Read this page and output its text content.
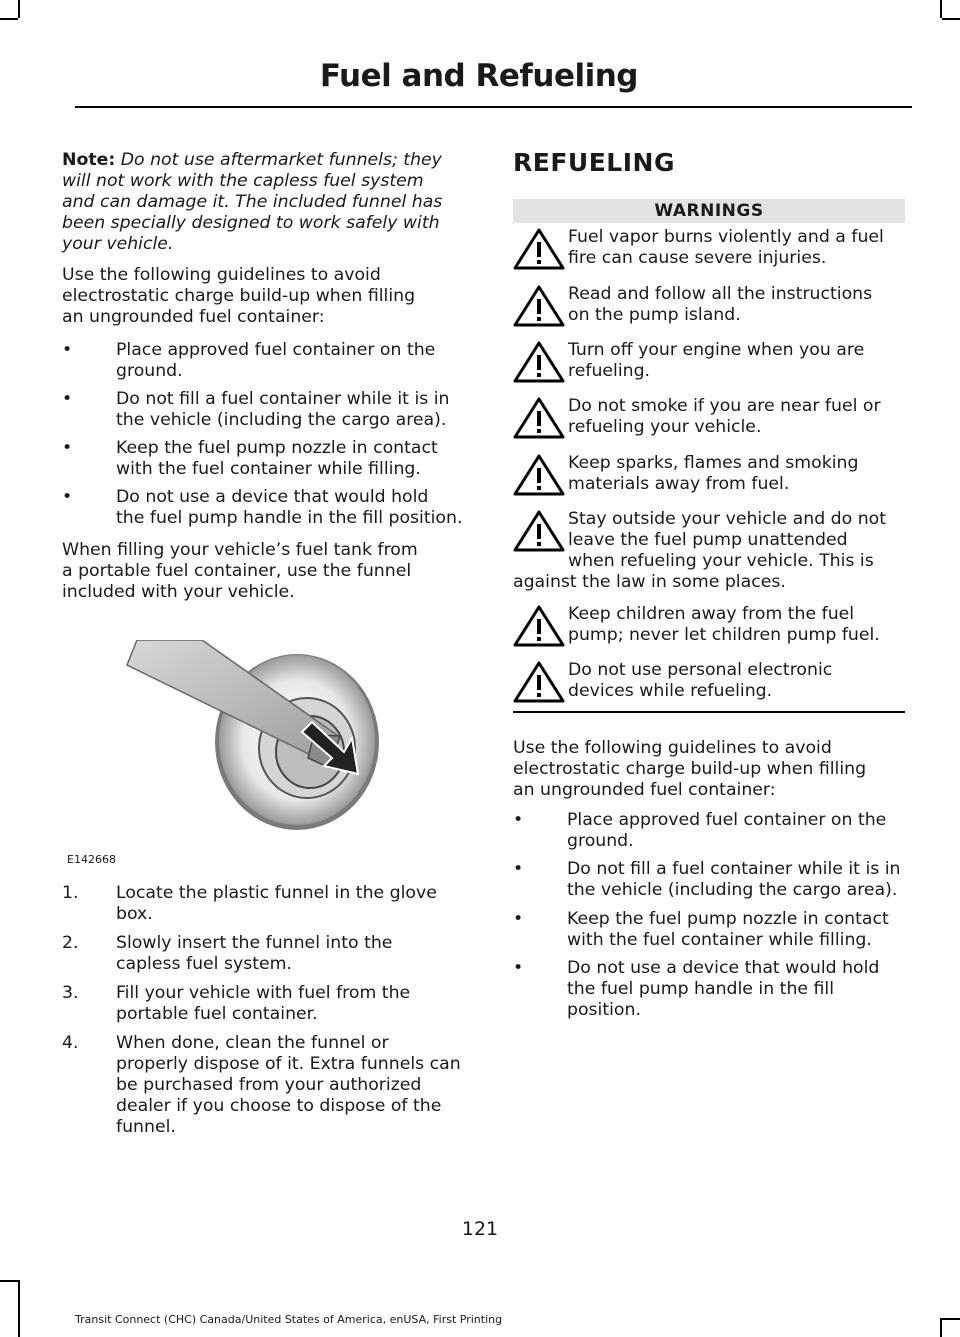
Fuel and Refueling
Note: Do not use aftermarket funnels; they
will not work with the capless fuel system
and can damage it. The included funnel has
been specially designed to work safely with
your vehicle.
Use the following guidelines to avoid
electrostatic charge build-up when filling
an ungrounded fuel container:
•	Place approved fuel container on the
ground.
•	Do not fill a fuel container while it is in
the vehicle (including the cargo area).
•	Keep the fuel pump nozzle in contact
with the fuel container while filling.
•	Do not use a device that would hold
the fuel pump handle in the fill position.
When filling your vehicle’s fuel tank from
a portable fuel container, use the funnel
included with your vehicle.
E142668
1. Locate the plastic funnel in the glove
box.
2. Slowly insert the funnel into the
capless fuel system.
3. Fill your vehicle with fuel from the
portable fuel container.
4. When done, clean the funnel or
properly dispose of it. Extra funnels can
be purchased from your authorized
dealer if you choose to dispose of the
funnel.
REFUELING
WARNINGS
Fuel vapor burns violently and a fuel
fire can cause severe injuries.
Read and follow all the instructions
on the pump island.
Turn off your engine when you are
refueling.
Do not smoke if you are near fuel or
refueling your vehicle.
Keep sparks, flames and smoking
materials away from fuel.
Stay outside your vehicle and do not
leave the fuel pump unattended
when refueling your vehicle. This is
against the law in some places.
Keep children away from the fuel
pump; never let children pump fuel.
Do not use personal electronic
devices while refueling.
Use the following guidelines to avoid
electrostatic charge build-up when filling
an ungrounded fuel container:
•	Place approved fuel container on the
ground.
•	Do not fill a fuel container while it is in
the vehicle (including the cargo area).
•	Keep the fuel pump nozzle in contact
with the fuel container while filling.
•	Do not use a device that would hold
the fuel pump handle in the fill position.
121
Transit Connect (CHC) Canada/United States of America, enUSA, First Printing
